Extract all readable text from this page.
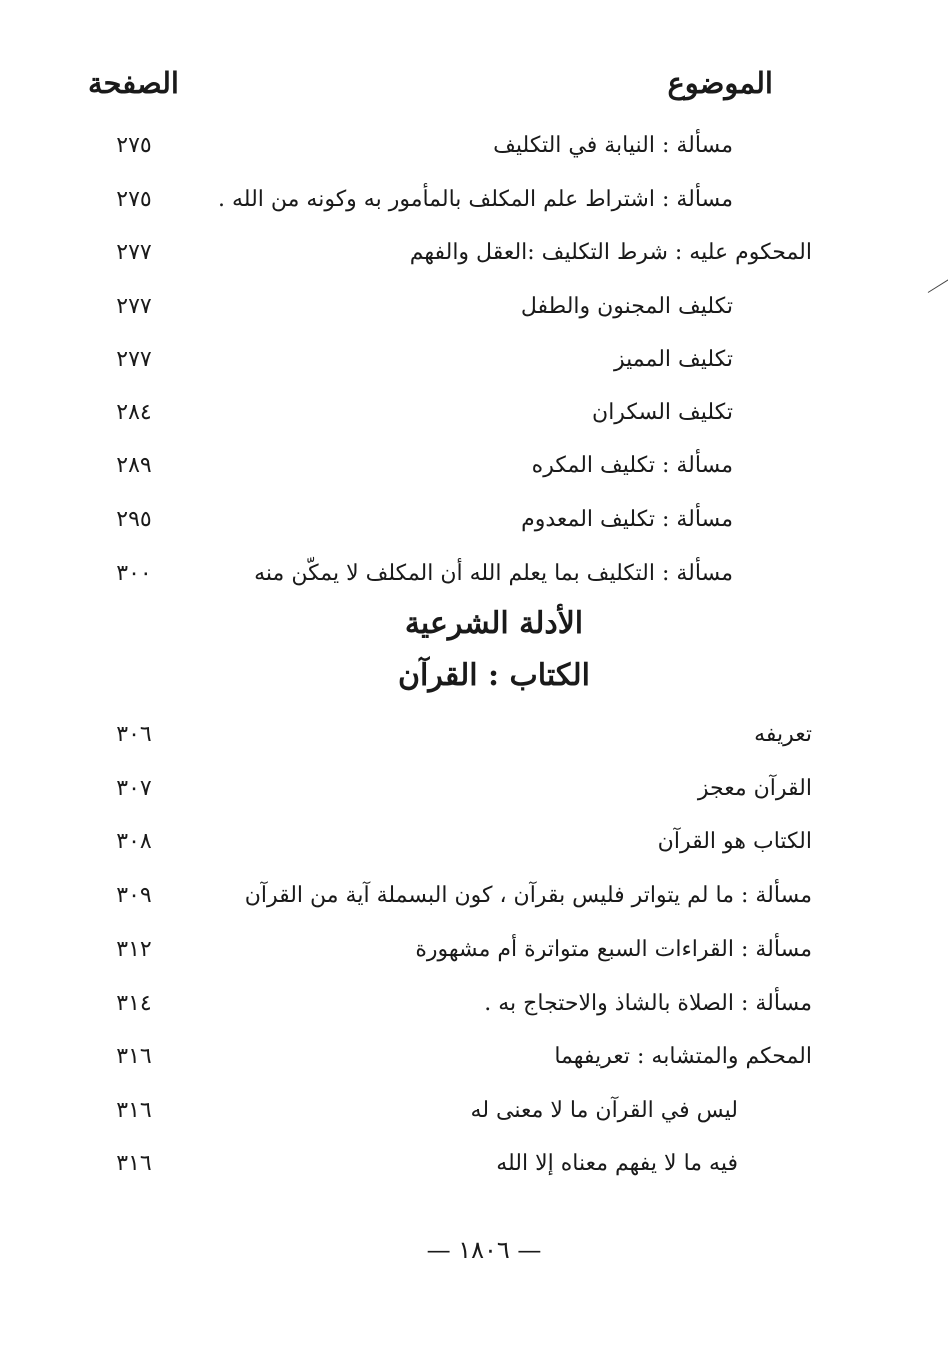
الموضوع
الصفحة
مسألة : النيابة في التكليف
٢٧٥
مسألة : اشتراط علم المكلف بالمأمور به وكونه من الله .
٢٧٥
المحكوم عليه : شرط التكليف :العقل والفهم
٢٧٧
تكليف المجنون والطفل
٢٧٧
تكليف المميز
٢٧٧
تكليف السكران
٢٨٤
مسألة : تكليف المكره
٢٨٩
مسألة : تكليف المعدوم
٢٩٥
مسألة : التكليف بما يعلم الله أن المكلف لا يمكّن منه
٣٠٠
الأدلة الشرعية
الكتاب : القرآن
تعريفه
٣٠٦
القرآن معجز
٣٠٧
الكتاب هو القرآن
٣٠٨
مسألة : ما لم يتواتر فليس بقرآن ، كون البسملة آية من القرآن
٣٠٩
مسألة : القراءات السبع متواترة أم مشهورة
٣١٢
مسألة : الصلاة بالشاذ والاحتجاج به .
٣١٤
المحكم والمتشابه : تعريفهما
٣١٦
ليس في القرآن ما لا معنى له
٣١٦
فيه ما لا يفهم معناه إلا الله
٣١٦
— ١٨٠٦ —
